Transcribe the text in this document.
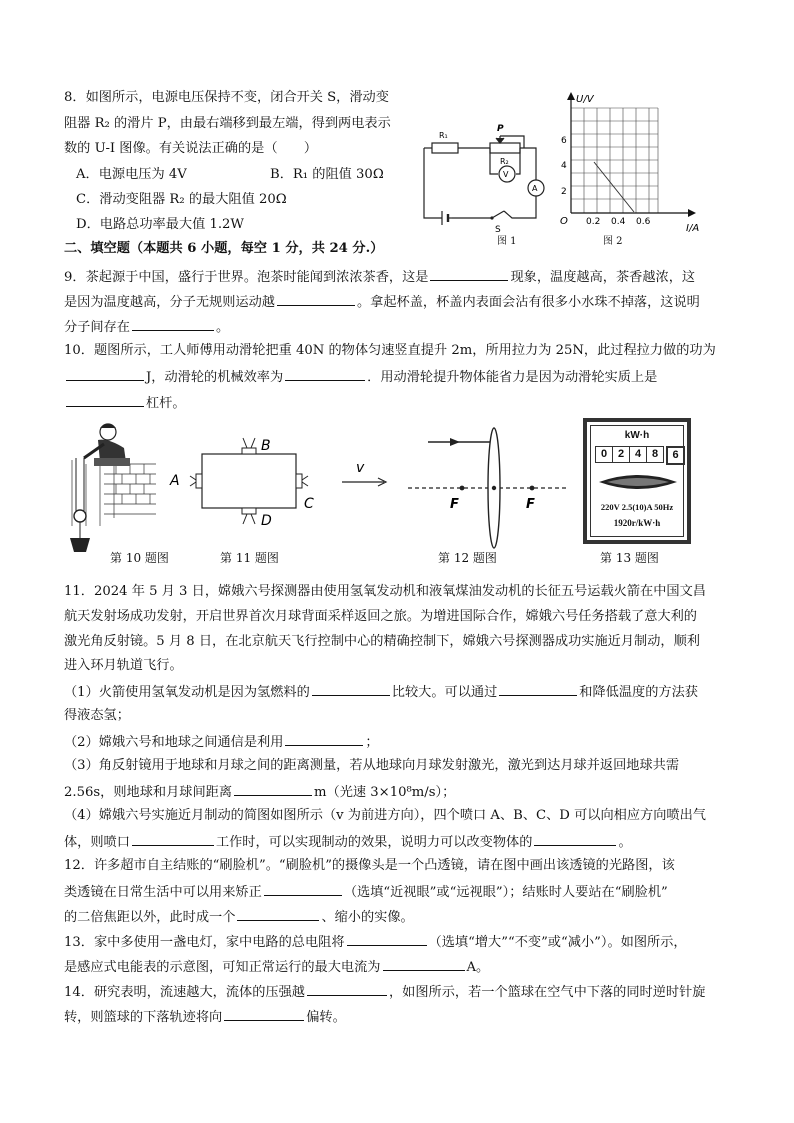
8．如图所示，电源电压保持不变，闭合开关 S，滑动变
阻器 R₂ 的滑片 P，由最右端移到最左端，得到两电表示
数的 U-I 图像。有关说法正确的是（　　）
A．电源电压为 4V	B．R₁ 的阻值 30Ω
C．滑动变阻器 R₂ 的最大阻值 20Ω
D．电路总功率最大值 1.2W
R₁
P
R₂
V
A
S
图 1
U/V
I/A
O
2
4
6
0.2 0.4 0.6
图 2
二、填空题（本题共 6 小题，每空 1 分，共 24 分.）
9．茶起源于中国，盛行于世界。泡茶时能闻到浓浓茶香，这是	现象，温度越高，茶香越浓，这
是因为温度越高，分子无规则运动越	。拿起杯盖，杯盖内表面会沾有很多小水珠不掉落，这说明
分子间存在	。
10．题图所示，工人师傅用动滑轮把重 40N 的物体匀速竖直提升 2m，所用拉力为 25N，此过程拉力做的功为
J，动滑轮的机械效率为	．用动滑轮提升物体能省力是因为动滑轮实质上是
杠杆。
第 10 题图
A
B
C
D
v
第 11 题图
F	F
第 12 题图
kW·h
0 2 4 8	6
220V 2.5(10)A 50Hz
1920r/kW·h
第 13 题图
11．2024 年 5 月 3 日，嫦娥六号探测器由使用氢氧发动机和液氧煤油发动机的长征五号运载火箭在中国文昌
航天发射场成功发射，开启世界首次月球背面采样返回之旅。为增进国际合作，嫦娥六号任务搭载了意大利的
激光角反射镜。5 月 8 日，在北京航天飞行控制中心的精确控制下，嫦娥六号探测器成功实施近月制动，顺利
进入环月轨道飞行。
（1）火箭使用氢氧发动机是因为氢燃料的	比较大。可以通过	和降低温度的方法获
得液态氢；
（2）嫦娥六号和地球之间通信是利用	；
（3）角反射镜用于地球和月球之间的距离测量，若从地球向月球发射激光，激光到达月球并返回地球共需
2.56s，则地球和月球间距离	m（光速 3×10⁸m/s）；
（4）嫦娥六号实施近月制动的简图如图所示（v 为前进方向），四个喷口 A、B、C、D 可以向相应方向喷出气
体，则喷口	工作时，可以实现制动的效果，说明力可以改变物体的	。
12．许多超市自主结账的“刷脸机”。“刷脸机”的摄像头是一个凸透镜，请在图中画出该透镜的光路图，该
类透镜在日常生活中可以用来矫正	（选填“近视眼”或“远视眼”）；结账时人要站在“刷脸机”
的二倍焦距以外，此时成一个	、缩小的实像。
13．家中多使用一盏电灯，家中电路的总电阻将	（选填“增大”“不变”或“减小”）。如图所示，
是感应式电能表的示意图，可知正常运行的最大电流为	A。
14．研究表明，流速越大，流体的压强越	，如图所示，若一个篮球在空气中下落的同时逆时针旋
转，则篮球的下落轨迹将向	偏转。
